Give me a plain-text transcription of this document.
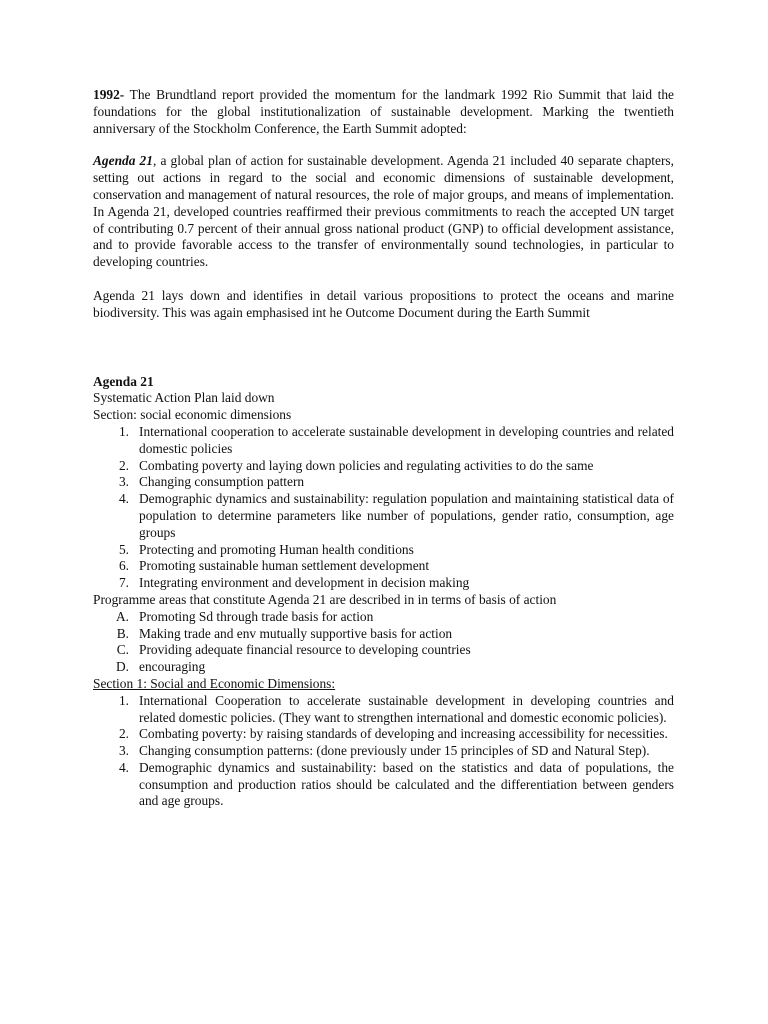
1992- The Brundtland report provided the momentum for the landmark 1992 Rio Summit that laid the foundations for the global institutionalization of sustainable development. Marking the twentieth anniversary of the Stockholm Conference, the Earth Summit adopted:

Agenda 21, a global plan of action for sustainable development. Agenda 21 included 40 separate chapters, setting out actions in regard to the social and economic dimensions of sustainable development, conservation and management of natural resources, the role of major groups, and means of implementation. In Agenda 21, developed countries reaffirmed their previous commitments to reach the accepted UN target of contributing 0.7 percent of their annual gross national product (GNP) to official development assistance, and to provide favorable access to the transfer of environmentally sound technologies, in particular to developing countries.

Agenda 21 lays down and identifies in detail various propositions to protect the oceans and marine biodiversity. This was again emphasised int he Outcome Document during the Earth Summit

Agenda 21
Systematic Action Plan laid down
Section: social economic dimensions
1. International cooperation to accelerate sustainable development in developing countries and related domestic policies
2. Combating poverty and laying down policies and regulating activities to do the same
3. Changing consumption pattern
4. Demographic dynamics and sustainability: regulation population and maintaining statistical data of population to determine parameters like number of populations, gender ratio, consumption, age groups
5. Protecting and promoting Human health conditions
6. Promoting sustainable human settlement development
7. Integrating environment and development in decision making
Programme areas that constitute Agenda 21 are described in in terms of basis of action
A. Promoting Sd through trade basis for action
B. Making trade and env mutually supportive basis for action
C. Providing adequate financial resource to developing countries
D. encouraging
Section 1: Social and Economic Dimensions:
1. International Cooperation to accelerate sustainable development in developing countries and related domestic policies. (They want to strengthen international and domestic economic policies).
2. Combating poverty: by raising standards of developing and increasing accessibility for necessities.
3. Changing consumption patterns: (done previously under 15 principles of SD and Natural Step).
4. Demographic dynamics and sustainability: based on the statistics and data of populations, the consumption and production ratios should be calculated and the differentiation between genders and age groups.
